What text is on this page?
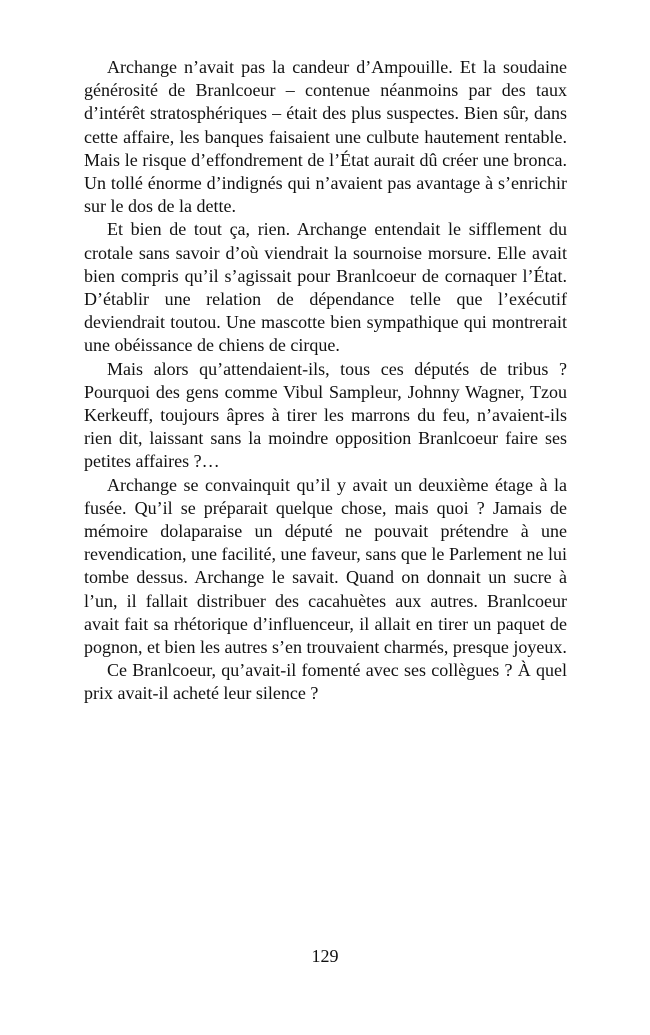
Archange n’avait pas la candeur d’Ampouille. Et la soudaine générosité de Branlcoeur – contenue néanmoins par des taux d’intérêt stratosphériques – était des plus suspectes. Bien sûr, dans cette affaire, les banques faisaient une culbute hautement rentable. Mais le risque d’effondrement de l’État aurait dû créer une bronca. Un tollé énorme d’indignés qui n’avaient pas avantage à s’enrichir sur le dos de la dette.

Et bien de tout ça, rien. Archange entendait le sifflement du crotale sans savoir d’où viendrait la sournoise morsure. Elle avait bien compris qu’il s’agissait pour Branlcoeur de cornaquer l’État. D’établir une relation de dépendance telle que l’exécutif deviendrait toutou. Une mascotte bien sympathique qui montrerait une obéissance de chiens de cirque.

Mais alors qu’attendaient-ils, tous ces députés de tribus ? Pourquoi des gens comme Vibul Sampleur, Johnny Wagner, Tzou Kerkeuff, toujours âpres à tirer les marrons du feu, n’avaient-ils rien dit, laissant sans la moindre opposition Branlcoeur faire ses petites affaires ?…

Archange se convainquit qu’il y avait un deuxième étage à la fusée. Qu’il se préparait quelque chose, mais quoi ? Jamais de mémoire dolaparaise un député ne pouvait prétendre à une revendication, une facilité, une faveur, sans que le Parlement ne lui tombe dessus. Archange le savait. Quand on donnait un sucre à l’un, il fallait distribuer des cacahuètes aux autres. Branlcoeur avait fait sa rhétorique d’influenceur, il allait en tirer un paquet de pognon, et bien les autres s’en trouvaient charmés, presque joyeux.

Ce Branlcoeur, qu’avait-il fomenté avec ses collègues ? À quel prix avait-il acheté leur silence ?

129
